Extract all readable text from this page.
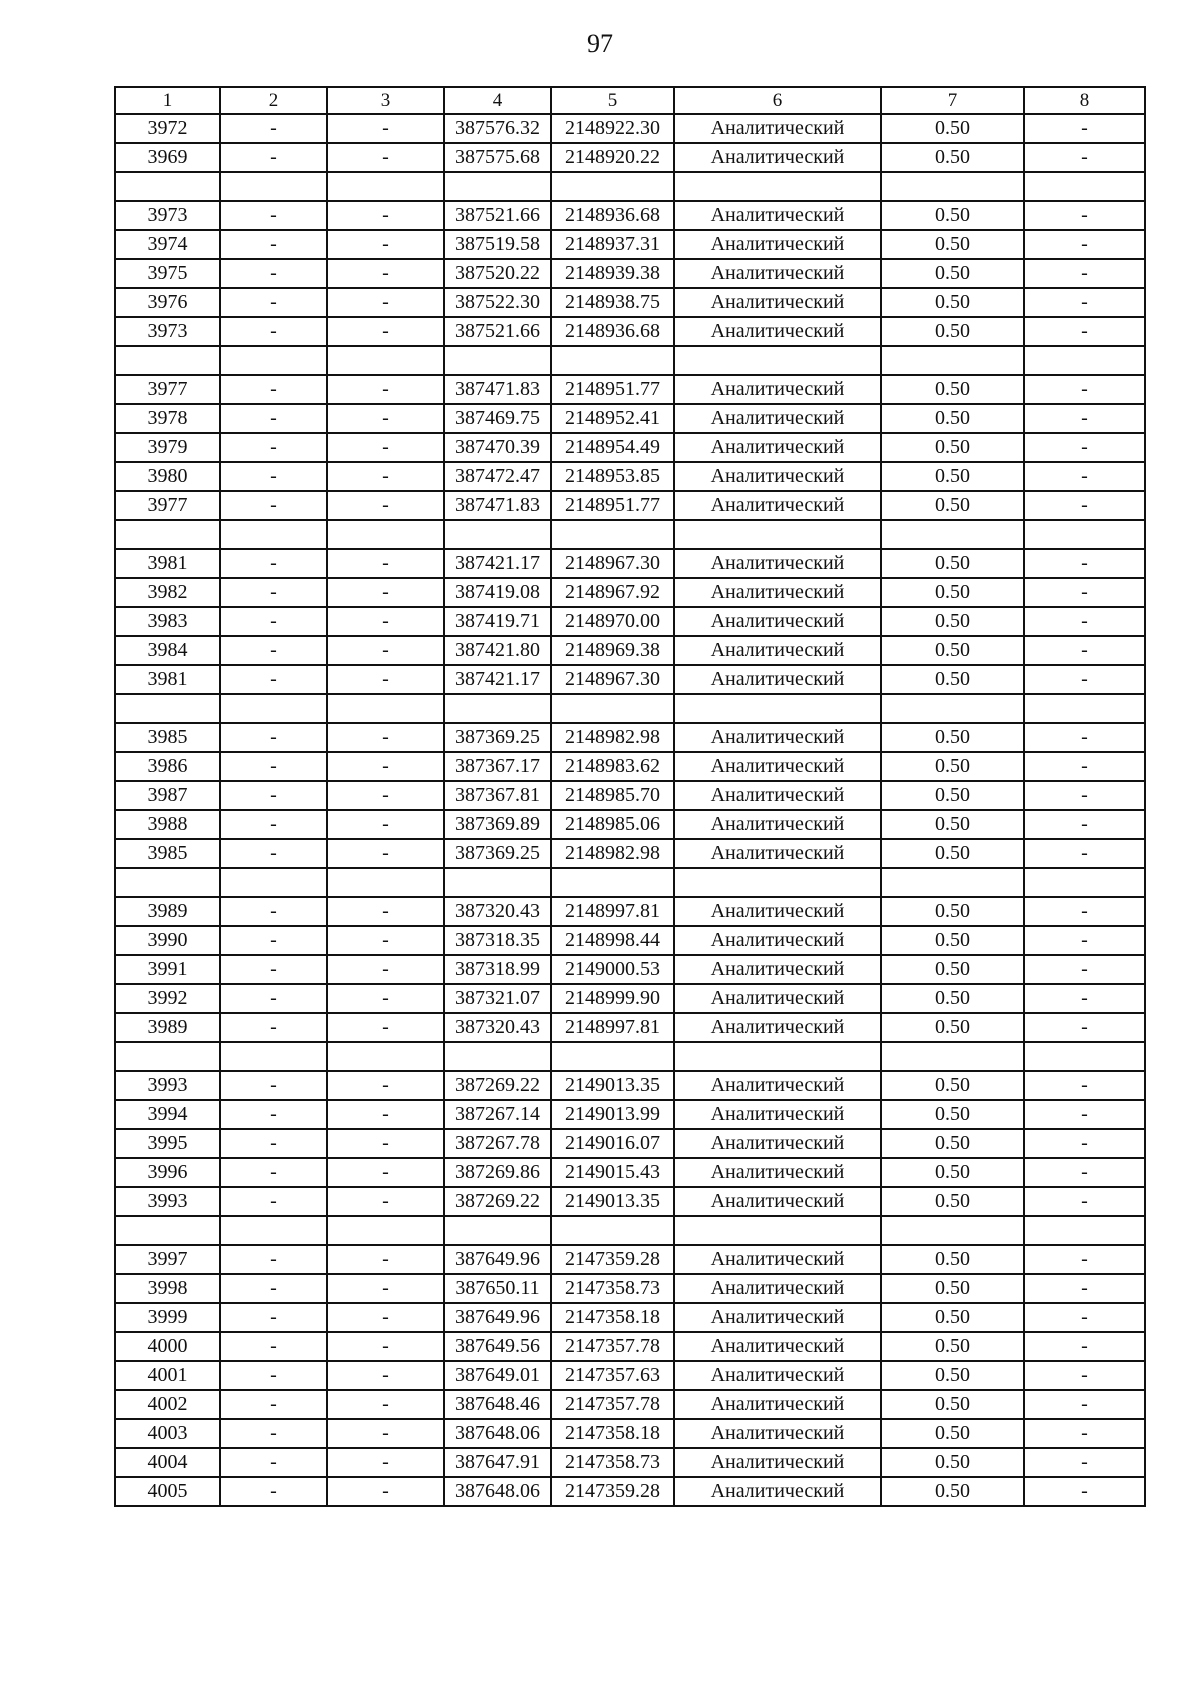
97
1	2	3	4	5	6	7	8
3972	-	-	387576.32	2148922.30	Аналитический	0.50	-
3969	-	-	387575.68	2148920.22	Аналитический	0.50	-

3973	-	-	387521.66	2148936.68	Аналитический	0.50	-
3974	-	-	387519.58	2148937.31	Аналитический	0.50	-
3975	-	-	387520.22	2148939.38	Аналитический	0.50	-
3976	-	-	387522.30	2148938.75	Аналитический	0.50	-
3973	-	-	387521.66	2148936.68	Аналитический	0.50	-

3977	-	-	387471.83	2148951.77	Аналитический	0.50	-
3978	-	-	387469.75	2148952.41	Аналитический	0.50	-
3979	-	-	387470.39	2148954.49	Аналитический	0.50	-
3980	-	-	387472.47	2148953.85	Аналитический	0.50	-
3977	-	-	387471.83	2148951.77	Аналитический	0.50	-

3981	-	-	387421.17	2148967.30	Аналитический	0.50	-
3982	-	-	387419.08	2148967.92	Аналитический	0.50	-
3983	-	-	387419.71	2148970.00	Аналитический	0.50	-
3984	-	-	387421.80	2148969.38	Аналитический	0.50	-
3981	-	-	387421.17	2148967.30	Аналитический	0.50	-

3985	-	-	387369.25	2148982.98	Аналитический	0.50	-
3986	-	-	387367.17	2148983.62	Аналитический	0.50	-
3987	-	-	387367.81	2148985.70	Аналитический	0.50	-
3988	-	-	387369.89	2148985.06	Аналитический	0.50	-
3985	-	-	387369.25	2148982.98	Аналитический	0.50	-

3989	-	-	387320.43	2148997.81	Аналитический	0.50	-
3990	-	-	387318.35	2148998.44	Аналитический	0.50	-
3991	-	-	387318.99	2149000.53	Аналитический	0.50	-
3992	-	-	387321.07	2148999.90	Аналитический	0.50	-
3989	-	-	387320.43	2148997.81	Аналитический	0.50	-

3993	-	-	387269.22	2149013.35	Аналитический	0.50	-
3994	-	-	387267.14	2149013.99	Аналитический	0.50	-
3995	-	-	387267.78	2149016.07	Аналитический	0.50	-
3996	-	-	387269.86	2149015.43	Аналитический	0.50	-
3993	-	-	387269.22	2149013.35	Аналитический	0.50	-

3997	-	-	387649.96	2147359.28	Аналитический	0.50	-
3998	-	-	387650.11	2147358.73	Аналитический	0.50	-
3999	-	-	387649.96	2147358.18	Аналитический	0.50	-
4000	-	-	387649.56	2147357.78	Аналитический	0.50	-
4001	-	-	387649.01	2147357.63	Аналитический	0.50	-
4002	-	-	387648.46	2147357.78	Аналитический	0.50	-
4003	-	-	387648.06	2147358.18	Аналитический	0.50	-
4004	-	-	387647.91	2147358.73	Аналитический	0.50	-
4005	-	-	387648.06	2147359.28	Аналитический	0.50	-
